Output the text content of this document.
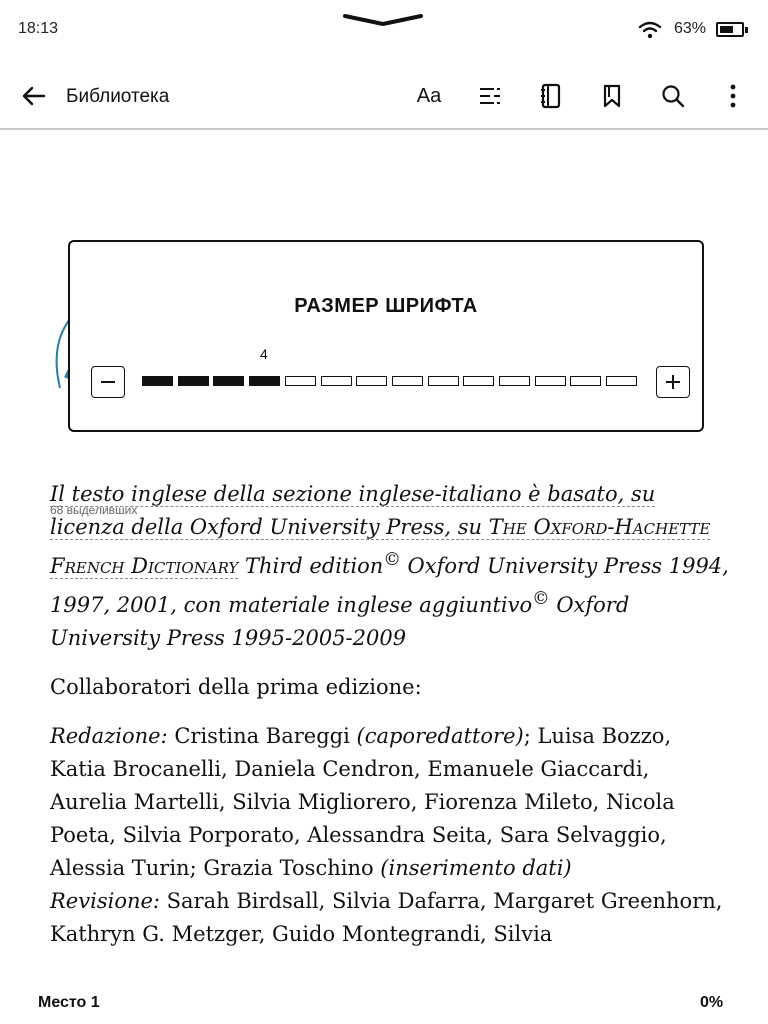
18:13	63%
Библиотека	Aa

Il testo inglese della sezione inglese-italiano è basato, su licenza della Oxford University Press, su The Oxford-Hachette French Dictionary Third edition© Oxford University Press 1994, 1997, 2001, con materiale inglese aggiuntivo© Oxford University Press 1995-2005-2009

Collaboratori della prima edizione:

Redazione: Cristina Bareggi (caporedattore); Luisa Bozzo, Katia Brocanelli, Daniela Cendron, Emanuele Giaccardi, Aurelia Martelli, Silvia Migliorero, Fiorenza Mileto, Nicola Poeta, Silvia Porporato, Alessandra Seita, Sara Selvaggio, Alessia Turin; Grazia Toschino (inserimento dati)
Revisione: Sarah Birdsall, Silvia Dafarra, Margaret Greenhorn, Kathryn G. Metzger, Guido Montegrandi, Silvia

68 выделивших
РАЗМЕР ШРИФТА
4
Место 1	0%
